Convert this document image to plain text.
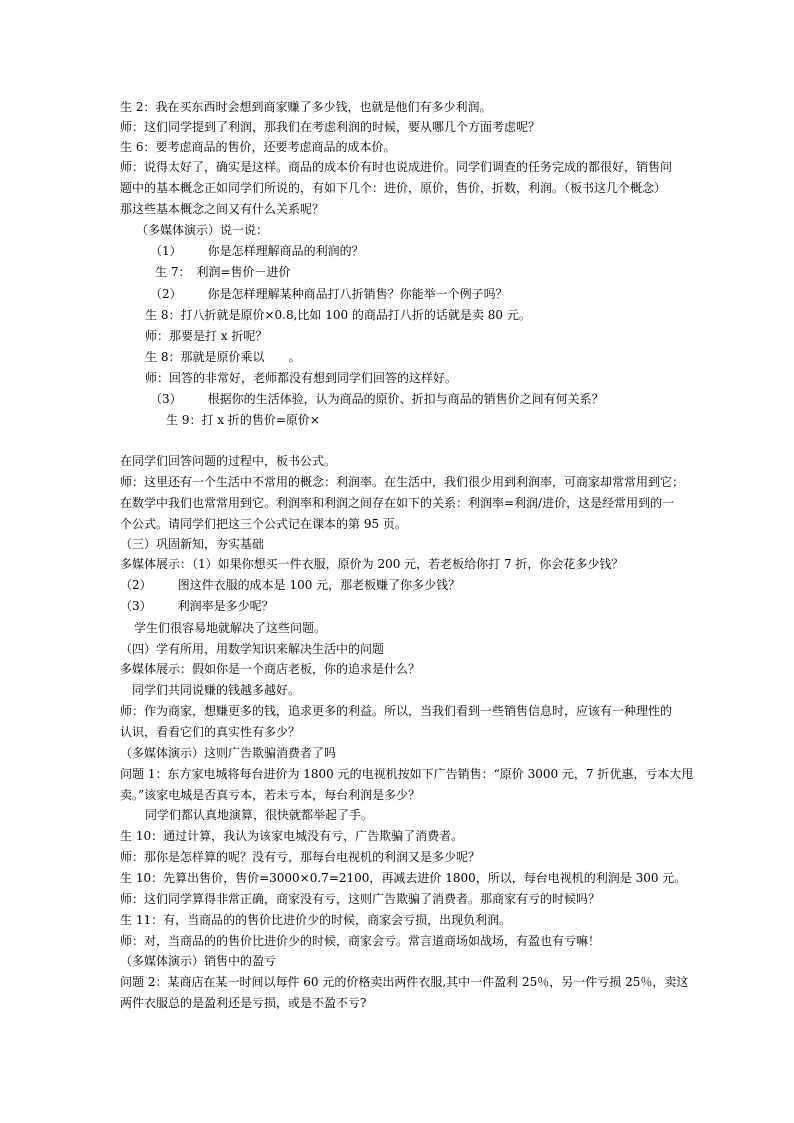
生 2：我在买东西时会想到商家赚了多少钱，也就是他们有多少利润。
师：这们同学提到了利润，那我们在考虑利润的时候，要从哪几个方面考虑呢？
生 6：要考虑商品的售价，还要考虑商品的成本价。
师：说得太好了，确实是这样。商品的成本价有时也说成进价。同学们调查的任务完成的都很好，销售问
题中的基本概念正如同学们所说的，有如下几个：进价，原价，售价，折数，利润。（板书这几个概念）
那这些基本概念之间又有什么关系呢？
（多媒体演示）说一说：
（1） 你是怎样理解商品的利润的？
生 7：　利润=售价－进价
（2） 你是怎样理解某种商品打八折销售？你能举一个例子吗？
生 8：打八折就是原价×0.8,比如 100 的商品打八折的话就是卖 80 元。
师：那要是打 x 折呢？
生 8：那就是原价乘以 。
师：回答的非常好，老师都没有想到同学们回答的这样好。
（3） 根据你的生活体验，认为商品的原价、折扣与商品的销售价之间有何关系？
生 9：打 x 折的售价=原价×
在同学们回答问题的过程中，板书公式。
师：这里还有一个生活中不常用的概念：利润率。在生活中，我们很少用到利润率，可商家却常常用到它；
在数学中我们也常常用到它。利润率和利润之间存在如下的关系：利润率=利润/进价，这是经常用到的一
个公式。请同学们把这三个公式记在课本的第 95 页。
（三）巩固新知，夯实基础
多媒体展示：（1）如果你想买一件衣服，原价为 200 元，若老板给你打 7 折，你会花多少钱？
（2） 图这件衣服的成本是 100 元，那老板赚了你多少钱？
（3） 利润率是多少呢？
学生们很容易地就解决了这些问题。
（四）学有所用，用数学知识来解决生活中的问题
多媒体展示：假如你是一个商店老板，你的追求是什么？
同学们共同说赚的钱越多越好。
师：作为商家，想赚更多的钱，追求更多的利益。所以，当我们看到一些销售信息时，应该有一种理性的
认识，看看它们的真实性有多少？
（多媒体演示）这则广告欺骗消费者了吗
问题 1：东方家电城将每台进价为 1800 元的电视机按如下广告销售：“原价 3000 元，7 折优惠，亏本大甩
卖。”该家电城是否真亏本，若未亏本，每台利润是多少？
同学们都认真地演算，很快就都举起了手。
生 10：通过计算，我认为该家电城没有亏，广告欺骗了消费者。
师：那你是怎样算的呢？没有亏，那每台电视机的利润又是多少呢？
生 10：先算出售价，售价=3000×0.7=2100，再减去进价 1800，所以，每台电视机的利润是 300 元。
师：这们同学算得非常正确，商家没有亏，这则广告欺骗了消费者。那商家有亏的时候吗？
生 11：有，当商品的的售价比进价少的时候，商家会亏损，出现负利润。
师：对，当商品的的售价比进价少的时候，商家会亏。常言道商场如战场，有盈也有亏嘛！
（多媒体演示）销售中的盈亏
问题 2：某商店在某一时间以每件 60 元的价格卖出两件衣服,其中一件盈利 25％，另一件亏损 25％，卖这
两件衣服总的是盈利还是亏损，或是不盈不亏?
